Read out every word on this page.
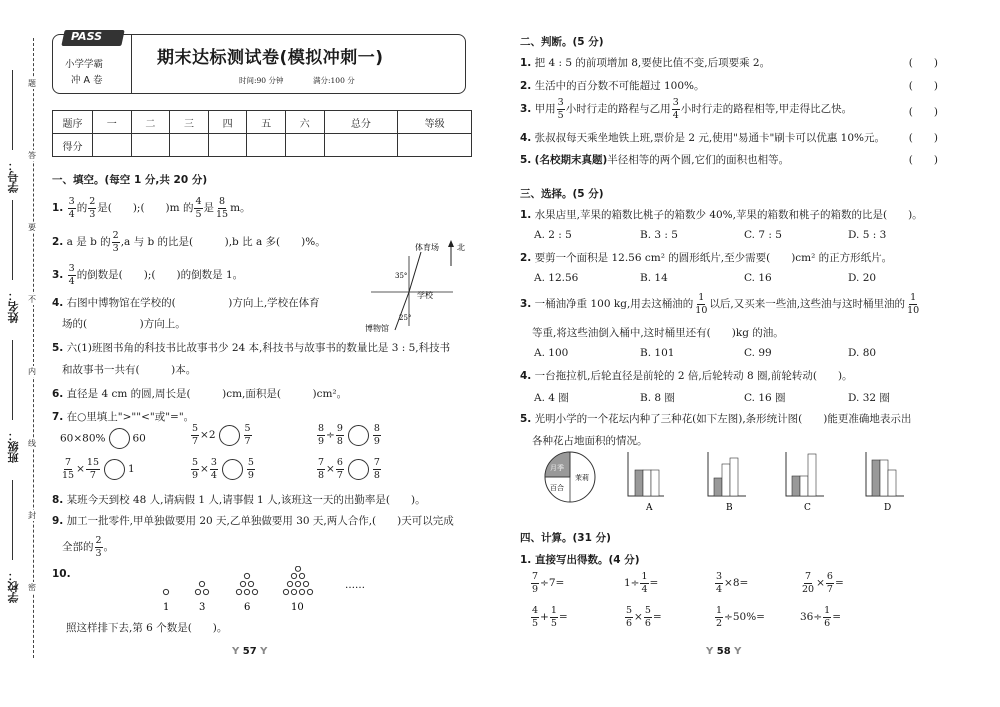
学号：
姓名：
班级：
学校：
题
答
要
不
内
线
封
密
PASS
小学学霸
冲 A 卷
期末达标测试卷(模拟冲刺一)
时间:90 分钟	满分:100 分
题序	一	二	三	四	五	六	总分	等级
得分								
一、填空。(每空 1 分,共 20 分)
1. $\frac{3}{4}$ 的 $\frac{2}{3}$ 是(　　);(　　)m 的 $\frac{4}{5}$ 是 $\frac{8}{15}$ m。
2. a 是 b 的 $\frac{2}{3} ,a$ 与 b 的比是(　　　),b 比 a 多(　　)%。
3. $\frac{3}{4}$ 的倒数是(　　);(　　)的倒数是 1。
4. 右图中博物馆在学校的(　　　　　)方向上,学校在体育
场的(　　　　　)方向上。
体育场 北
35°
学校
25°
博物馆
5. 六(1)班图书角的科技书比故事书少 24 本,科技书与故事书的数量比是 3 : 5,科技书
和故事书一共有(　　　)本。
6. 直径是 4 cm 的圆,周长是(　　　)cm,面积是(　　　)cm²。
7. 在○里填上">""<"或"="。
60×80%	60	$\frac{5}{7} \times 2$	$\frac{5}{7}$	$\frac{8}{9} \div \frac{9}{8}$	$\frac{8}{9}$
$\frac{7}{15} \times \frac{15}{7}$	1	$\frac{5}{9} \times \frac{3}{4}$	$\frac{5}{9}$	$\frac{7}{8} \times \frac{6}{7}$	$\frac{7}{8}$
8. 某班今天到校 48 人,请病假 1 人,请事假 1 人,该班这一天的出勤率是(　　)。
9. 加工一批零件,甲单独做要用 20 天,乙单独做要用 30 天,两人合作,(　　)天可以完成
全部的 $\frac{2}{3}$ 。
10.
1	3	6	10
……
照这样排下去,第 6 个数是(　　)。
Y 57 Y
二、判断。(5 分)
1. 把 4 : 5 的前项增加 8,要使比值不变,后项要乘 2。	(　　)
2. 生活中的百分数不可能超过 100%。	(　　)
3. 甲用 $\frac{3}{5}$ 小时行走的路程与乙用 $\frac{3}{4}$ 小时行走的路程相等,甲走得比乙快。	(　　)
4. 张叔叔每天乘坐地铁上班,票价是 2 元,使用"易通卡"刷卡可以优惠 10%元。 (　　)
5. (名校期末真题)半径相等的两个圆,它们的面积也相等。	(　　)
三、选择。(5 分)
1. 水果店里,苹果的箱数比桃子的箱数少 40%,苹果的箱数和桃子的箱数的比是(　　)。
A. 2 : 5	B. 3 : 5	C. 7 : 5	D. 5 : 3
2. 要剪一个面积是 12.56 cm² 的圆形纸片,至少需要(　　)cm² 的正方形纸片。
A. 12.56	B. 14	C. 16	D. 20
3. 一桶油净重 100 kg,用去这桶油的 $\frac{1}{10}$ 以后,又买来一些油,这些油与这时桶里油的 $\frac{1}{10}$
等重,将这些油倒入桶中,这时桶里还有(　　)kg 的油。
A. 100	B. 101	C. 99	D. 80
4. 一台拖拉机,后轮直径是前轮的 2 倍,后轮转动 8 圈,前轮转动(　　)。
A. 4 圈	B. 8 圈	C. 16 圈	D. 32 圈
5. 光明小学的一个花坛内种了三种花(如下左图),条形统计图(　　)能更准确地表示出
各种花占地面积的情况。
月季
茉莉
百合
A	B	C	D
四、计算。(31 分)
1. 直接写出得数。(4 分)
$\frac{7}{9} \div 7=$	$1\div \frac{1}{4}$ =	$\frac{3}{4} \times 8=$	$\frac{7}{20} \times \frac{6}{7}$ =
$\frac{4}{5} + \frac{1}{5}$ =	$\frac{5}{6} \times \frac{5}{6}$ =	$\frac{1}{2} \div 50\%=$	$36\div \frac{1}{6}$ =
Y 58 Y
